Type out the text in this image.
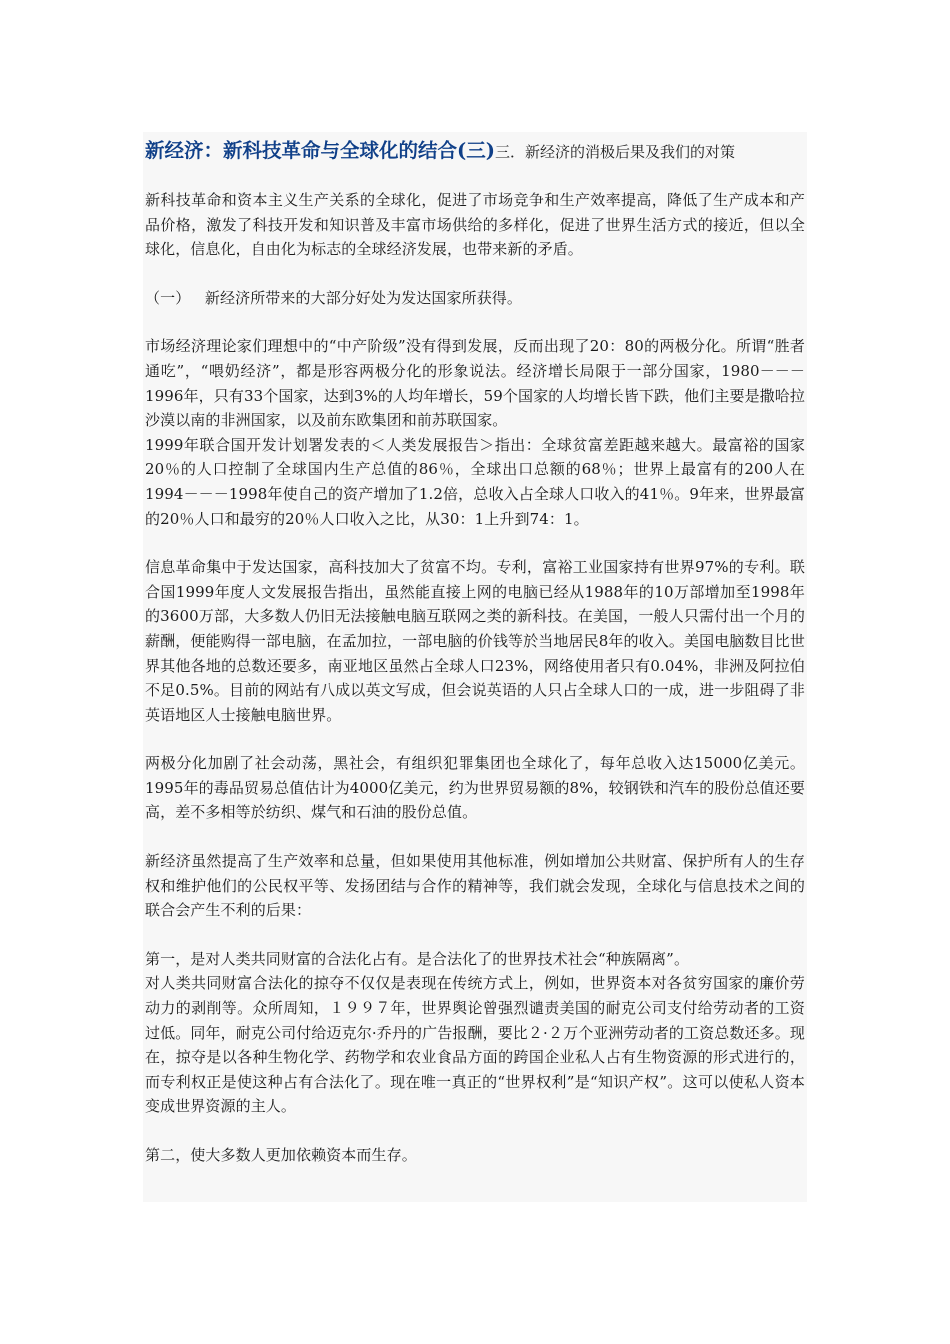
新经济：新科技革命与全球化的结合(三)三．新经济的消极后果及我们的对策

新科技革命和资本主义生产关系的全球化，促进了市场竞争和生产效率提高，降低了生产成本和产品价格，激发了科技开发和知识普及丰富市场供给的多样化，促进了世界生活方式的接近，但以全球化，信息化，自由化为标志的全球经济发展，也带来新的矛盾。

（一）   新经济所带来的大部分好处为发达国家所获得。

市场经济理论家们理想中的“中产阶级”没有得到发展，反而出现了20：80的两极分化。所谓“胜者通吃”，“喂奶经济”，都是形容两极分化的形象说法。经济增长局限于一部分国家，1980－－－1996年，只有33个国家，达到3%的人均年增长，59个国家的人均增长皆下跌，他们主要是撒哈拉沙漠以南的非洲国家，以及前东欧集团和前苏联国家。

1999年联合国开发计划署发表的＜人类发展报告＞指出：全球贫富差距越来越大。最富裕的国家20％的人口控制了全球国内生产总值的86％，全球出口总额的68％；世界上最富有的200人在1994－－－1998年使自己的资产增加了1.2倍，总收入占全球人口收入的41％。9年来，世界最富的20％人口和最穷的20％人口收入之比，从30：1上升到74：1。

信息革命集中于发达国家，高科技加大了贫富不均。专利，富裕工业国家持有世界97%的专利。联合国1999年度人文发展报告指出，虽然能直接上网的电脑已经从1988年的10万部增加至1998年的3600万部，大多数人仍旧无法接触电脑互联网之类的新科技。在美国，一般人只需付出一个月的薪酬，便能购得一部电脑，在孟加拉，一部电脑的价钱等於当地居民8年的收入。美国电脑数目比世界其他各地的总数还要多，南亚地区虽然占全球人口23%，网络使用者只有0.04%，非洲及阿拉伯不足0.5%。目前的网站有八成以英文写成，但会说英语的人只占全球人口的一成，进一步阻碍了非英语地区人士接触电脑世界。

两极分化加剧了社会动荡，黑社会，有组织犯罪集团也全球化了，每年总收入达15000亿美元。1995年的毒品贸易总值估计为4000亿美元，约为世界贸易额的8%，较钢铁和汽车的股份总值还要高，差不多相等於纺织、煤气和石油的股份总值。

新经济虽然提高了生产效率和总量，但如果使用其他标准，例如增加公共财富、保护所有人的生存权和维护他们的公民权平等、发扬团结与合作的精神等，我们就会发现，全球化与信息技术之间的联合会产生不利的后果：

第一，是对人类共同财富的合法化占有。是合法化了的世界技术社会“种族隔离”。

对人类共同财富合法化的掠夺不仅仅是表现在传统方式上，例如，世界资本对各贫穷国家的廉价劳动力的剥削等。众所周知，１９９７年，世界舆论曾强烈谴责美国的耐克公司支付给劳动者的工资过低。同年，耐克公司付给迈克尔·乔丹的广告报酬，要比２·２万个亚洲劳动者的工资总数还多。现在，掠夺是以各种生物化学、药物学和农业食品方面的跨国企业私人占有生物资源的形式进行的，而专利权正是使这种占有合法化了。现在唯一真正的“世界权利”是“知识产权”。这可以使私人资本变成世界资源的主人。

第二，使大多数人更加依赖资本而生存。
